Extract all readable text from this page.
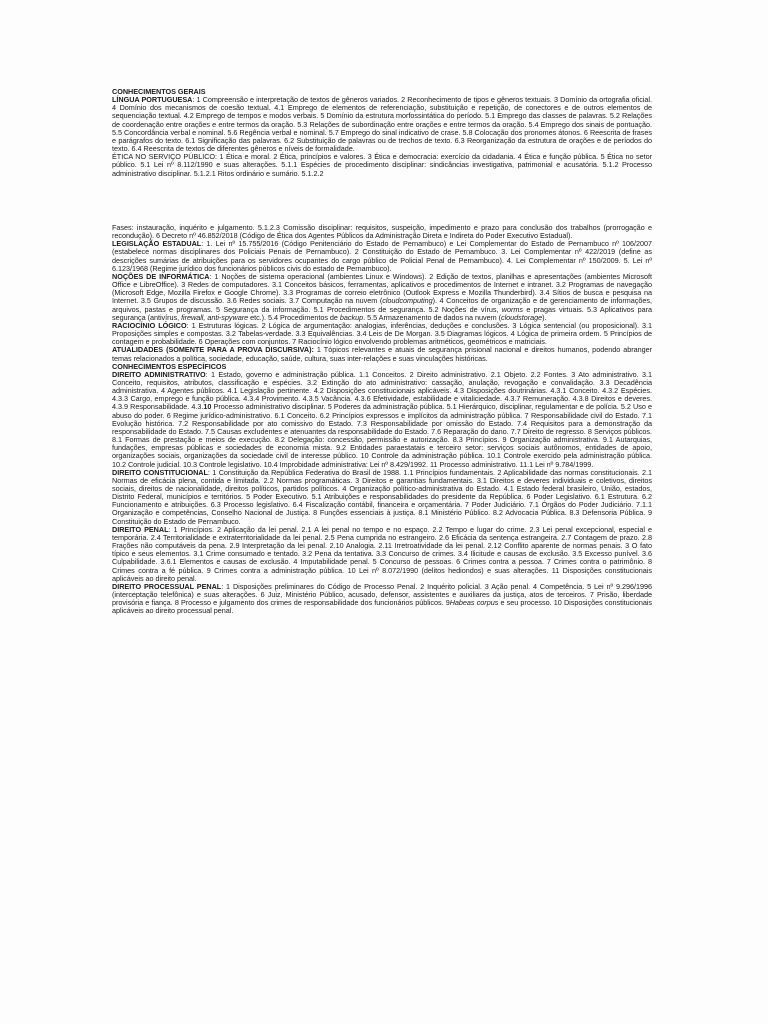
CONHECIMENTOS GERAIS

LÍNGUA PORTUGUESA: 1 Compreensão e interpretação de textos de gêneros variados. 2 Reconhecimento de tipos e gêneros textuais. 3 Domínio da ortografia oficial. 4 Domínio dos mecanismos de coesão textual. 4.1 Emprego de elementos de referenciação, substituição e repetição, de conectores e de outros elementos de sequenciação textual. 4.2 Emprego de tempos e modos verbais. 5 Domínio da estrutura morfossintática do período. 5.1 Emprego das classes de palavras. 5.2 Relações de coordenação entre orações e entre termos da oração. 5.3 Relações de subordinação entre orações e entre termos da oração. 5.4 Emprego dos sinais de pontuação. 5.5 Concordância verbal e nominal. 5.6 Regência verbal e nominal. 5.7 Emprego do sinal indicativo de crase. 5.8 Colocação dos pronomes átonos. 6 Reescrita de frases e parágrafos do texto. 6.1 Significação das palavras. 6.2 Substituição de palavras ou de trechos de texto. 6.3 Reorganização da estrutura de orações e de períodos do texto. 6.4 Reescrita de textos de diferentes gêneros e níveis de formalidade.

ÉTICA NO SERVIÇO PÚBLICO: 1 Ética e moral. 2 Ética, princípios e valores. 3 Ética e democracia: exercício da cidadania. 4 Ética e função pública. 5 Ética no setor público. 5.1 Lei nº 8.112/1990 e suas alterações. 5.1.1 Espécies de procedimento disciplinar: sindicâncias investigativa, patrimonial e acusatória. 5.1.2 Processo administrativo disciplinar. 5.1.2.1 Ritos ordinário e sumário. 5.1.2.2

Fases: instauração, inquérito e julgamento. 5.1.2.3 Comissão disciplinar: requisitos, suspeição, impedimento e prazo para conclusão dos trabalhos (prorrogação e recondução). 6 Decreto nº 46.852/2018 (Código de Ética dos Agentes Públicos da Administração Direta e Indireta do Poder Executivo Estadual).

LEGISLAÇÃO ESTADUAL: 1. Lei nº 15.755/2016 (Código Penitenciário do Estado de Pernambuco) e Lei Complementar do Estado de Pernambuco nº 106/2007 (estabelece normas disciplinares dos Policiais Penais de Pernambuco). 2 Constituição do Estado de Pernambuco. 3. Lei Complementar nº 422/2019 (define as descrições sumárias de atribuições para os servidores ocupantes do cargo público de Policial Penal de Pernambuco). 4. Lei Complementar nº 150/2009. 5. Lei nº 6.123/1968 (Regime jurídico dos funcionários públicos civis do estado de Pernambuco).

NOÇÕES DE INFORMÁTICA: 1 Noções de sistema operacional (ambientes Linux e Windows). 2 Edição de textos, planilhas e apresentações (ambientes Microsoft Office e LibreOffice). 3 Redes de computadores. 3.1 Conceitos básicos, ferramentas, aplicativos e procedimentos de Internet e intranet. 3.2 Programas de navegação (Microsoft Edge, Mozilla Firefox e Google Chrome). 3.3 Programas de correio eletrônico (Outlook Express e Mozilla Thunderbird). 3.4 Sítios de busca e pesquisa na Internet. 3.5 Grupos de discussão. 3.6 Redes sociais. 3.7 Computação na nuvem (cloudcomputing). 4 Conceitos de organização e de gerenciamento de informações, arquivos, pastas e programas. 5 Segurança da informação. 5.1 Procedimentos de segurança. 5.2 Noções de vírus, worms e pragas virtuais. 5.3 Aplicativos para segurança (antivírus, firewall, anti-spyware etc.). 5.4 Procedimentos de backup. 5.5 Armazenamento de dados na nuvem (cloudstorage).

RACIOCÍNIO LÓGICO: 1 Estruturas lógicas. 2 Lógica de argumentação: analogias, inferências, deduções e conclusões. 3 Lógica sentencial (ou proposicional). 3.1 Proposições simples e compostas. 3.2 Tabelas-verdade. 3.3 Equivalências. 3.4 Leis de De Morgan. 3.5 Diagramas lógicos. 4 Lógica de primeira ordem. 5 Princípios de contagem e probabilidade. 6 Operações com conjuntos. 7 Raciocínio lógico envolvendo problemas aritméticos, geométricos e matriciais.

ATUALIDADES (SOMENTE PARA A PROVA DISCURSIVA): 1 Tópicos relevantes e atuais de segurança prisional nacional e direitos humanos, podendo abranger temas relacionados a política, sociedade, educação, saúde, cultura, suas inter-relações e suas vinculações históricas.

CONHECIMENTOS ESPECÍFICOS

DIREITO ADMINISTRATIVO: 1 Estado, governo e administração pública. 1.1 Conceitos. 2 Direito administrativo. 2.1 Objeto. 2.2 Fontes. 3 Ato administrativo. 3.1 Conceito, requisitos, atributos, classificação e espécies. 3.2 Extinção do ato administrativo: cassação, anulação, revogação e convalidação. 3.3 Decadência administrativa. 4 Agentes públicos. 4.1 Legislação pertinente. 4.2 Disposições constitucionais aplicáveis. 4.3 Disposições doutrinárias. 4.3.1 Conceito. 4.3.2 Espécies. 4.3.3 Cargo, emprego e função pública. 4.3.4 Provimento. 4.3.5 Vacância. 4.3.6 Efetividade, estabilidade e vitaliciedade. 4.3.7 Remuneração. 4.3.8 Direitos e deveres. 4.3.9 Responsabilidade. 4.3.10 Processo administrativo disciplinar. 5 Poderes da administração pública. 5.1 Hierárquico, disciplinar, regulamentar e de polícia. 5.2 Uso e abuso do poder. 6 Regime jurídico-administrativo. 6.1 Conceito. 6.2 Princípios expressos e implícitos da administração pública. 7 Responsabilidade civil do Estado. 7.1 Evolução histórica. 7.2 Responsabilidade por ato comissivo do Estado. 7.3 Responsabilidade por omissão do Estado. 7.4 Requisitos para a demonstração da responsabilidade do Estado. 7.5 Causas excludentes e atenuantes da responsabilidade do Estado. 7.6 Reparação do dano. 7.7 Direito de regresso. 8 Serviços públicos. 8.1 Formas de prestação e meios de execução. 8.2 Delegação: concessão, permissão e autorização. 8.3 Princípios. 9 Organização administrativa. 9.1 Autarquias, fundações, empresas públicas e sociedades de economia mista. 9.2 Entidades paraestatais e terceiro setor: serviços sociais autônomos, entidades de apoio, organizações sociais, organizações da sociedade civil de interesse público. 10 Controle da administração pública. 10.1 Controle exercido pela administração pública. 10.2 Controle judicial. 10.3 Controle legislativo. 10.4 Improbidade administrativa: Lei nº 8.429/1992. 11 Processo administrativo. 11.1 Lei nº 9.784/1999.

DIREITO CONSTITUCIONAL: 1 Constituição da República Federativa do Brasil de 1988. 1.1 Princípios fundamentais. 2 Aplicabilidade das normas constitucionais. 2.1 Normas de eficácia plena, contida e limitada. 2.2 Normas programáticas. 3 Direitos e garantias fundamentais. 3.1 Direitos e deveres individuais e coletivos, direitos sociais, direitos de nacionalidade, direitos políticos, partidos políticos. 4 Organização político-administrativa do Estado. 4.1 Estado federal brasileiro, União, estados, Distrito Federal, municípios e territórios. 5 Poder Executivo. 5.1 Atribuições e responsabilidades do presidente da República. 6 Poder Legislativo. 6.1 Estrutura. 6.2 Funcionamento e atribuições. 6.3 Processo legislativo. 6.4 Fiscalização contábil, financeira e orçamentária. 7 Poder Judiciário. 7.1 Órgãos do Poder Judiciário. 7.1.1 Organização e competências, Conselho Nacional de Justiça. 8 Funções essenciais à justiça. 8.1 Ministério Público. 8.2 Advocacia Pública. 8.3 Defensoria Pública. 9 Constituição do Estado de Pernambuco.

DIREITO PENAL: 1 Princípios. 2 Aplicação da lei penal. 2.1 A lei penal no tempo e no espaço. 2.2 Tempo e lugar do crime. 2.3 Lei penal excepcional, especial e temporária. 2.4 Territorialidade e extraterritorialidade da lei penal. 2.5 Pena cumprida no estrangeiro. 2.6 Eficácia da sentença estrangeira. 2.7 Contagem de prazo. 2.8 Frações não computáveis da pena. 2.9 Interpretação da lei penal. 2.10 Analogia. 2.11 Irretroatividade da lei penal. 2.12 Conflito aparente de normas penais. 3 O fato típico e seus elementos. 3.1 Crime consumado e tentado. 3.2 Pena da tentativa. 3.3 Concurso de crimes. 3.4 Ilicitude e causas de exclusão. 3.5 Excesso punível. 3.6 Culpabilidade. 3.6.1 Elementos e causas de exclusão. 4 Imputabilidade penal. 5 Concurso de pessoas. 6 Crimes contra a pessoa. 7 Crimes contra o patrimônio. 8 Crimes contra a fé pública. 9 Crimes contra a administração pública. 10 Lei nº 8.072/1990 (delitos hediondos) e suas alterações. 11 Disposições constitucionais aplicáveis ao direito penal.

DIREITO PROCESSUAL PENAL: 1 Disposições preliminares do Código de Processo Penal. 2 Inquérito policial. 3 Ação penal. 4 Competência. 5 Lei nº 9.296/1996 (interceptação telefônica) e suas alterações. 6 Juiz, Ministério Público, acusado, defensor, assistentes e auxiliares da justiça, atos de terceiros. 7 Prisão, liberdade provisória e fiança. 8 Processo e julgamento dos crimes de responsabilidade dos funcionários públicos. 9Habeas corpus e seu processo. 10 Disposições constitucionais aplicáveis ao direito processual penal.
